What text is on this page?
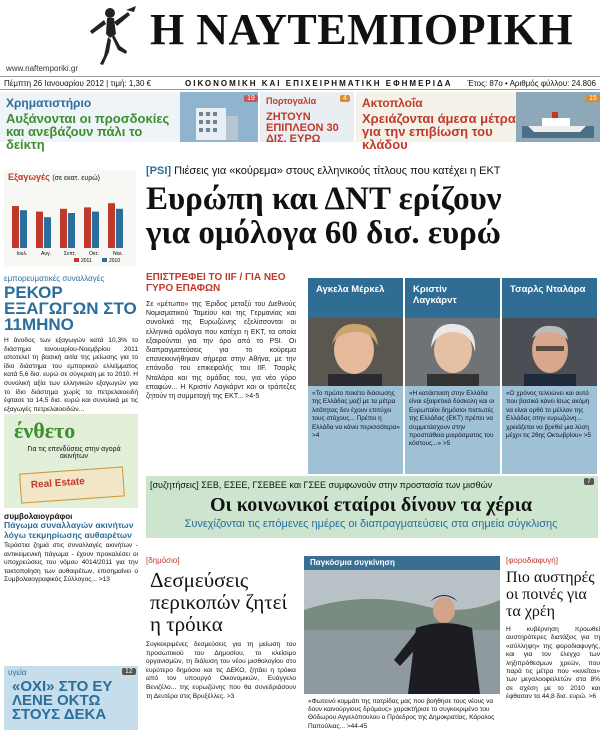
Η ΝΑΥΤΕΜΠΟΡΙΚΗ
www.naftemporiki.gr
Πέμπτη 26 Ιανουαρίου 2012 | τιμή: 1,30 €	ΟΙΚΟΝΟΜΙΚΗ ΚΑΙ ΕΠΙΧΕΙΡΗΜΑΤΙΚΗ ΕΦΗΜΕΡΙΔΑ Έτος: 87ο • Αριθμός φύλλου: 24.806
Χρηματιστήριο
Αυξάνονται οι προσδοκίες και ανεβάζουν πάλι το δείκτη
19	Πορτογαλία
ΖΗΤΟΥΝ ΕΠΙΠΛΕΟΝ 30 ΔΙΣ. ΕΥΡΩ
4 Ακτοπλοΐα
Χρειάζονται άμεσα μέτρα για την επιβίωση του κλάδου
15
Εξαγωγές (σε εκατ. ευρώ)
Ιουλ.	Αυγ.	Σεπτ.	Οκτ.	Νοε.
2011	2010
εμπορευματικές συναλλαγές
ΡΕΚΟΡ ΕΞΑΓΩΓΩΝ ΣΤΟ 11ΜΗΝΟ
Η άνοδος των εξαγωγών κατά 10,3% το διάστημα Ιανουαρίου-Νοεμβρίου 2011 αποτελεί τη βασική αιτία της μείωσης για το ίδιο διάστημα του εμπορικού ελλείμματος κατά 5,6 δισ. ευρώ σε σύγκριση με το 2010. Η συνολική αξία των ελληνικών εξαγωγών για το ίδιο διάστημα χωρίς τα πετρελαιοειδή έφτασε τα 14,5 δισ. ευρώ και συνολικά με τις εξαγωγές πετρελαιοειδών...
ένθετο
Για τις επενδύσεις στην αγορά ακινήτων
Real Estate
συμβολαιογράφοι
Πάγωμα συναλλαγών ακινήτων λόγω τεκμηρίωσης αυθαιρέτων
Τεράστια ζημιά στις συναλλαγές ακινήτων - αντικειμενική πάγωμα - έχουν προκαλέσει οι υποχρεώσεις του νόμου 4014/2011 για την τακτοποίηση των αυθαιρέτων, επισημαίνει ο Συμβολαιογραφικός Σύλλογος... >13
υγεία	12
«ΟΧΙ» ΣΤΟ ΕΥ ΛΕΝΕ ΟΚΤΩ ΣΤΟΥΣ ΔΕΚΑ
[PSI] Πιέσεις για «κούρεμα» στους ελληνικούς τίτλους που κατέχει η ΕΚΤ
Ευρώπη και ΔΝΤ ερίζουν
για ομόλογα 60 δισ. ευρώ
ΕΠΙΣΤΡΕΦΕΙ ΤΟ IIF / ΓΙΑ ΝΕΟ ΓΥΡΟ ΕΠΑΦΩΝ
Σε «μέτωπο» της Έριδος μεταξύ του Διεθνούς Νομισματικού Ταμείου και της Γερμανίας και συνολικά της Ευρωζώνης εξελίσσονται οι ελληνικά ομόλογα που κατέχει η ΕΚΤ, τα οποία εξαιρούνται για την όρο από το PSI. Οι διαπραγματεύσεις για το κούρεμα επανεκκινήθηκαν σήμερα στην Αθήνα, με την επάνοδο του επικεφαλής του IIF. Τσαρλς Νταλάρα και της ομάδας του, για νέο γύρο επαφών... Η Κριστίν Λαγκάρντ και οι τράπεζες ζητούν τη συμμετοχή της ΕΚΤ... >4-5
Αγκελα Μέρκελ
«Το πρώτο πακέτο διάσωσης της Ελλάδας μαζί με τα μέτρα λιτότητας δεν έχουν επιτύχει τους στόχους... Πρέπει η Ελλάδα να κάνει περισσότερα» >4
Κριστίν Λαγκάρντ
«Η κατάσταση στην Ελλάδα είναι εξαιρετικά δύσκολη και οι Ευρωπαίοι δημόσιοι πιστωτές της Ελλάδας (ΕΚΤ) πρέπει να συμμετάσχουν στην προσπάθεια μοιράσματος του κόστους...» >5
Τσαρλς Νταλάρα
«Ο χρόνος τελειώνει και αυτό που βασικά κάνει ίσως ακόμη να είναι ορθό το μέλλον της Ελλάδας στην ευρωζώνη... χρειάζεται να βρεθεί μια λύση μέχρι τις 26ης Οκτωβρίου» >5
[συζητήσεις] ΣΕΒ, ΕΣΕΕ, ΓΣΕΒΕΕ και ΓΣΕΕ συμφωνούν στην προστασία των μισθών	7
Οι κοινωνικοί εταίροι δίνουν τα χέρια
Συνεχίζονται τις επόμενες ημέρες οι διαπραγματεύσεις στα σημεία σύγκλισης
[δημόσιο]
Δεσμεύσεις περικοπών ζητεί η τρόικα
Συγκεκριμένες δεσμεύσεις για τη μείωση του προσωπικού του Δημοσίου, το κλείσιμο οργανισμών, τη διάλυση του νέου μισθολογίου στο ευρύτερο δημόσιο και τις ΔΕΚΟ, ζητάει η τρόικα από τον υπουργό Οικονομικών, Ευάγγελο Βενιζέλο... της ευρωζώνης που θα συνεδριάσουν τη Δευτέρα στις Βρυξέλλες. >3
Παγκόσμια συγκίνηση
«Φωτεινό κομμάτι της πατρίδας μας που βοήθησε τους νέους να δουν καινούργιους δρόμους» χαρακτήρισε το συγκεκριμένο του Θόδωρου Αγγελόπουλου ο Πρόεδρος της Δημοκρατίας, Κάρολος Παπούλιας... >44-45
[φοροδιαφυγή]
Πιο αυστηρές οι ποινές για τα χρέη
Η κυβέρνηση προωθεί αυστηρότερες διατάξεις για τη «σύλληψη» της φοροδιαφυγής, και για τον έλεγχο των ληξιπρόθεσμων χρεών, που παρά τις μέτρα που «κινείται» των μεγαλοοφειλετών στα 8% σε σχέση με το 2010 και έφθασαν τα 44,8 δισ. ευρώ. >6
